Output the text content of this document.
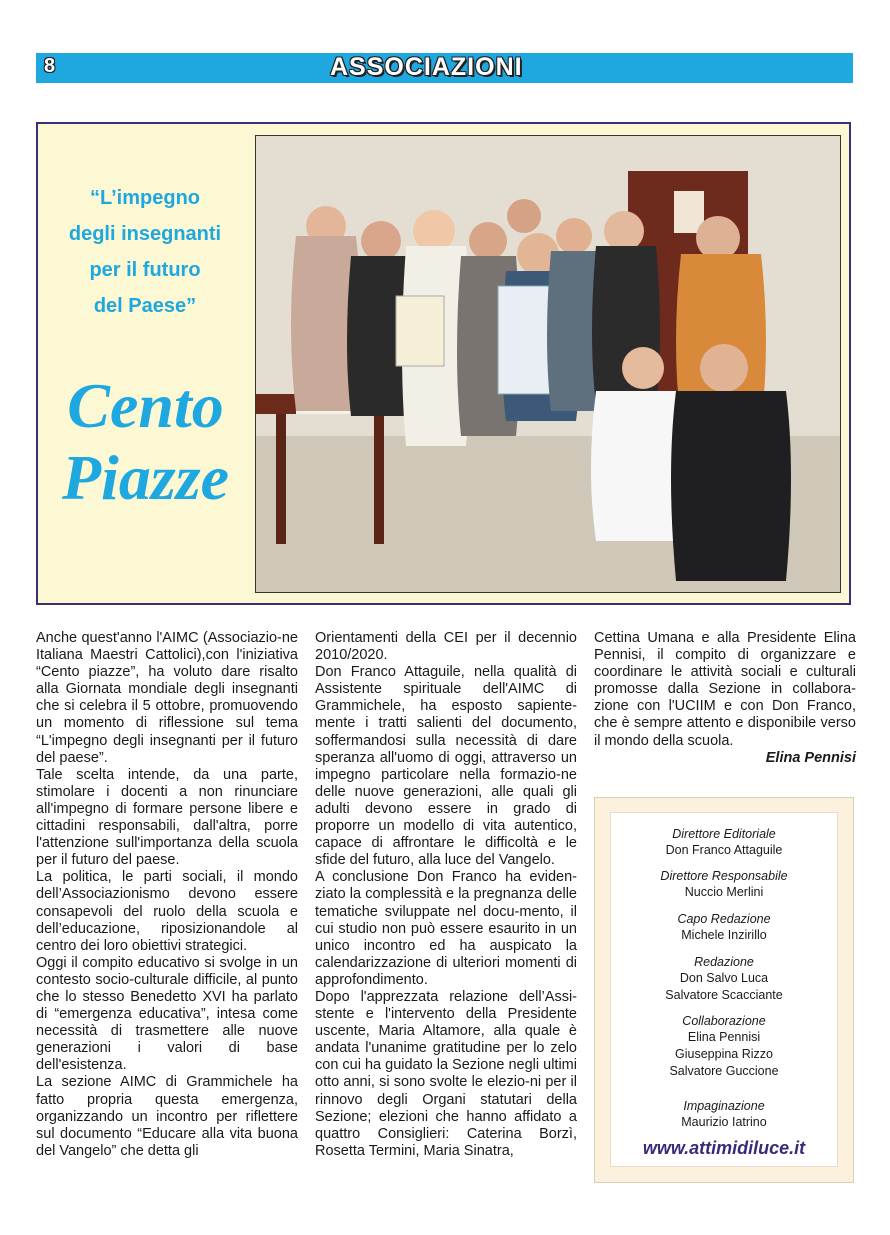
8	ASSOCIAZIONI
“L’impegno
degli insegnanti
per il futuro
del Paese”
Cento
Piazze

Anche quest'anno l'AIMC (Associazio-ne Italiana Maestri Cattolici),con l'iniziativa “Cento piazze”, ha voluto dare risalto alla Giornata mondiale degli insegnanti che si celebra il 5 ottobre, promuovendo un momento di riflessione sul tema “L'impegno degli insegnanti per il futuro del paese”.

Tale scelta intende, da una parte, stimolare i docenti a non rinunciare all'impegno di formare persone libere e cittadini responsabili, dall'altra, porre l'attenzione sull'importanza della scuola per il futuro del paese.

La politica, le parti sociali, il mondo dell’Associazionismo devono essere consapevoli del ruolo della scuola e dell’educazione, riposizionandole al centro dei loro obiettivi strategici.

Oggi il compito educativo si svolge in un contesto socio-culturale difficile, al punto che lo stesso Benedetto XVI ha parlato di “emergenza educativa”, intesa come necessità di trasmettere alle nuove generazioni i valori di base dell'esistenza.

La sezione AIMC di Grammichele ha fatto propria questa emergenza, organizzando un incontro per riflettere sul documento “Educare alla vita buona del Vangelo” che detta gli

Orientamenti della CEI per il decennio 2010/2020.

Don Franco Attaguile, nella qualità di Assistente spirituale dell'AIMC di Grammichele, ha esposto sapiente-mente i tratti salienti del documento, soffermandosi sulla necessità di dare speranza all'uomo di oggi, attraverso un impegno particolare nella formazio-ne delle nuove generazioni, alle quali gli adulti devono essere in grado di proporre un modello di vita autentico, capace di affrontare le difficoltà e le sfide del futuro, alla luce del Vangelo.

A conclusione Don Franco ha eviden-ziato la complessità e la pregnanza delle tematiche sviluppate nel docu-mento, il cui studio non può essere esaurito in un unico incontro ed ha auspicato la calendarizzazione di ulteriori momenti di approfondimento.

Dopo l'apprezzata relazione dell’Assi-stente e l'intervento della Presidente uscente, Maria Altamore, alla quale è andata l'unanime gratitudine per lo zelo con cui ha guidato la Sezione negli ultimi otto anni, si sono svolte le elezio-ni per il rinnovo degli Organi statutari della Sezione; elezioni che hanno affidato a quattro Consiglieri: Caterina Borzì, Rosetta Termini, Maria Sinatra,

Cettina Umana e alla Presidente Elina Pennisi, il compito di organizzare e coordinare le attività sociali e culturali promosse dalla Sezione in collabora-zione con l'UCIIM e con Don Franco, che è sempre attento e disponibile verso il mondo della scuola.

Elina Pennisi

Direttore Editoriale
Don Franco Attaguile
Direttore Responsabile
Nuccio Merlini
Capo Redazione
Michele Inzirillo
Redazione
Don Salvo Luca
Salvatore Scacciante
Collaborazione
Elina Pennisi
Giuseppina Rizzo
Salvatore Guccione
Impaginazione
Maurizio Iatrino
www.attimidiluce.it
